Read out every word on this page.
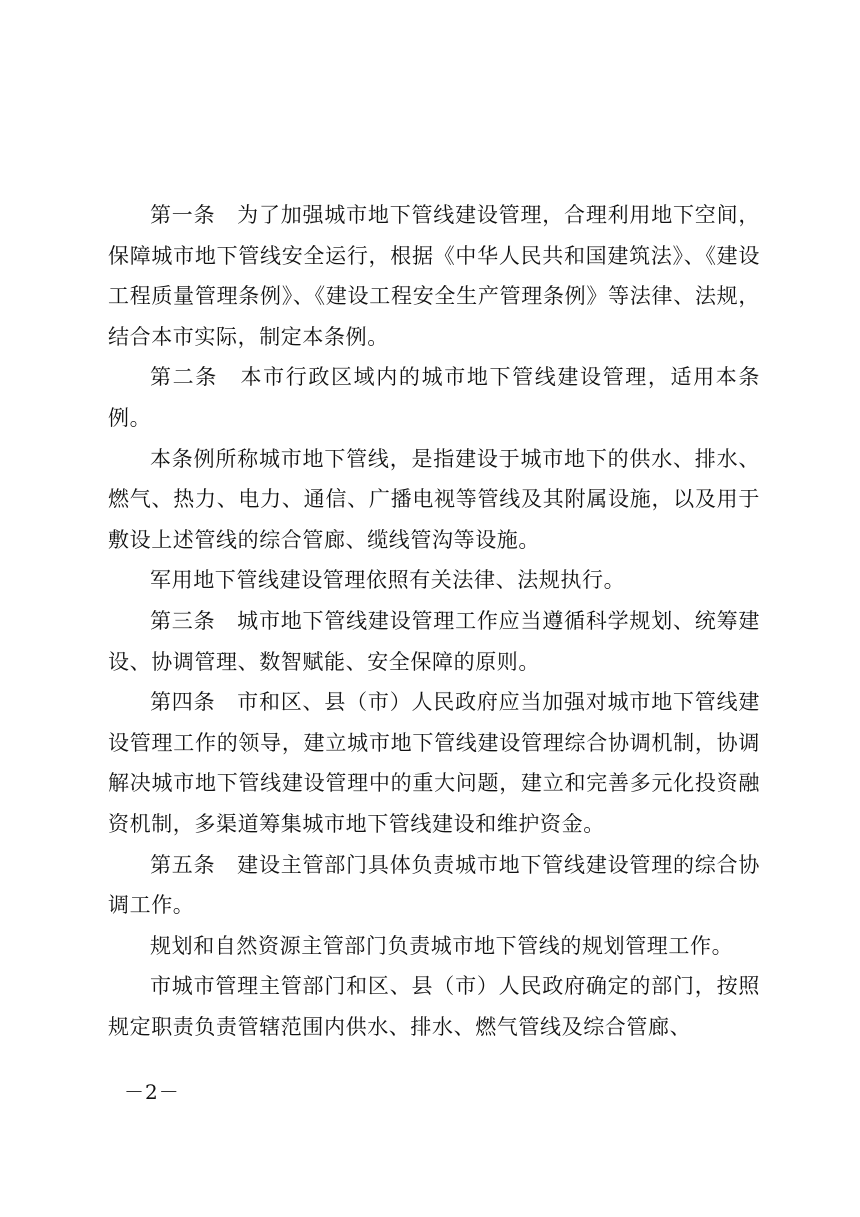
第一条　为了加强城市地下管线建设管理，合理利用地下空间，保障城市地下管线安全运行，根据《中华人民共和国建筑法》、《建设工程质量管理条例》、《建设工程安全生产管理条例》等法律、法规，结合本市实际，制定本条例。

第二条　本市行政区域内的城市地下管线建设管理，适用本条例。

本条例所称城市地下管线，是指建设于城市地下的供水、排水、燃气、热力、电力、通信、广播电视等管线及其附属设施，以及用于敷设上述管线的综合管廊、缆线管沟等设施。

军用地下管线建设管理依照有关法律、法规执行。

第三条　城市地下管线建设管理工作应当遵循科学规划、统筹建设、协调管理、数智赋能、安全保障的原则。

第四条　市和区、县（市）人民政府应当加强对城市地下管线建设管理工作的领导，建立城市地下管线建设管理综合协调机制，协调解决城市地下管线建设管理中的重大问题，建立和完善多元化投资融资机制，多渠道筹集城市地下管线建设和维护资金。

第五条　建设主管部门具体负责城市地下管线建设管理的综合协调工作。

规划和自然资源主管部门负责城市地下管线的规划管理工作。

市城市管理主管部门和区、县（市）人民政府确定的部门，按照规定职责负责管辖范围内供水、排水、燃气管线及综合管廊、

－2－
